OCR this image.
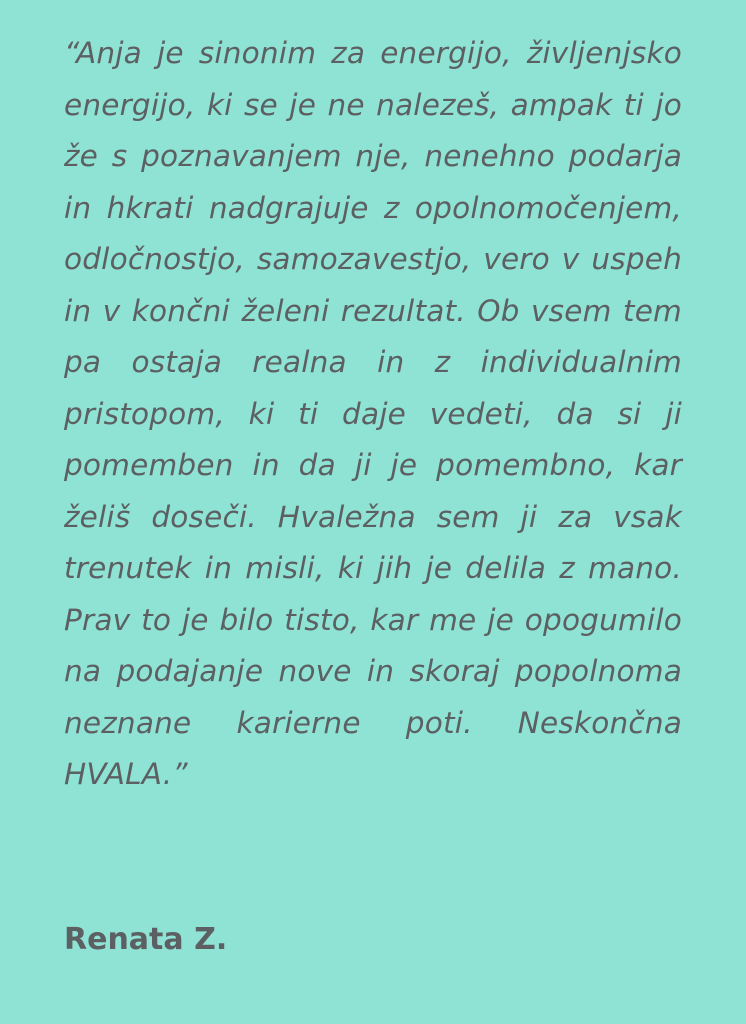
“Anja je sinonim za energijo, življenjsko energijo, ki se je ne nalezeš, ampak ti jo že s poznavanjem nje, nenehno podarja in hkrati nadgrajuje z opolnomočenjem, odločnostjo, samozavestjo, vero v uspeh in v končni želeni rezultat. Ob vsem tem pa ostaja realna in z individualnim pristopom, ki ti daje vedeti, da si ji pomemben in da ji je pomembno, kar želiš doseči. Hvaležna sem ji za vsak trenutek in misli, ki jih je delila z mano. Prav to je bilo tisto, kar me je opogumilo na podajanje nove in skoraj popolnoma neznane karierne poti. Neskončna HVALA.”

Renata Z.
